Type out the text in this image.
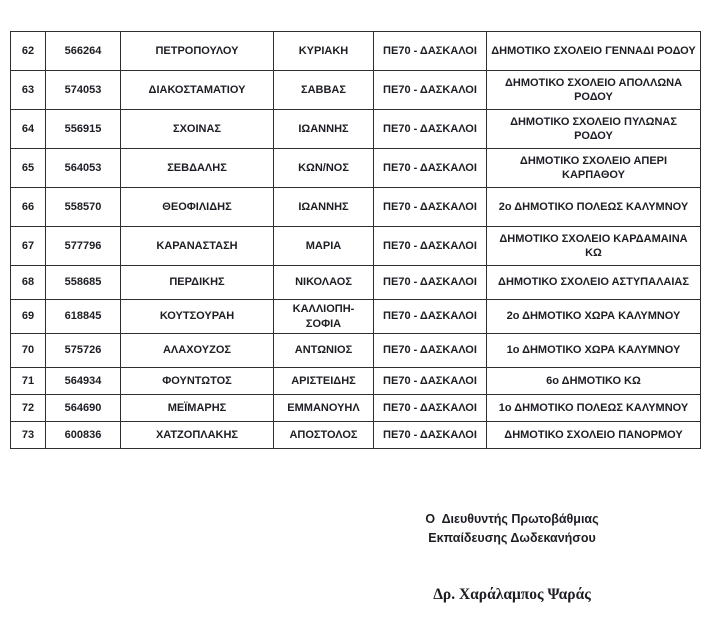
62	566264	ΠΕΤΡΟΠΟΥΛΟΥ	ΚΥΡΙΑΚΗ	ΠΕ70 - ΔΑΣΚΑΛΟΙ	ΔΗΜΟΤΙΚΟ ΣΧΟΛΕΙΟ ΓΕΝΝΑΔΙ ΡΟΔΟΥ
63	574053	ΔΙΑΚΟΣΤΑΜΑΤΙΟΥ	ΣΑΒΒΑΣ	ΠΕ70 - ΔΑΣΚΑΛΟΙ	ΔΗΜΟΤΙΚΟ ΣΧΟΛΕΙΟ ΑΠΟΛΛΩΝΑ ΡΟΔΟΥ
64	556915	ΣΧΟΙΝΑΣ	ΙΩΑΝΝΗΣ	ΠΕ70 - ΔΑΣΚΑΛΟΙ	ΔΗΜΟΤΙΚΟ ΣΧΟΛΕΙΟ ΠΥΛΩΝΑΣ ΡΟΔΟΥ
65	564053	ΣΕΒΔΑΛΗΣ	ΚΩΝ/ΝΟΣ	ΠΕ70 - ΔΑΣΚΑΛΟΙ	ΔΗΜΟΤΙΚΟ ΣΧΟΛΕΙΟ ΑΠΕΡΙ ΚΑΡΠΑΘΟΥ
66	558570	ΘΕΟΦΙΛΙΔΗΣ	ΙΩΑΝΝΗΣ	ΠΕ70 - ΔΑΣΚΑΛΟΙ	2ο ΔΗΜΟΤΙΚΟ ΠΟΛΕΩΣ ΚΑΛΥΜΝΟΥ
67	577796	ΚΑΡΑΝΑΣΤΑΣΗ	ΜΑΡΙΑ	ΠΕ70 - ΔΑΣΚΑΛΟΙ	ΔΗΜΟΤΙΚΟ ΣΧΟΛΕΙΟ ΚΑΡΔΑΜΑΙΝΑ ΚΩ
68	558685	ΠΕΡΔΙΚΗΣ	ΝΙΚΟΛΑΟΣ	ΠΕ70 - ΔΑΣΚΑΛΟΙ	ΔΗΜΟΤΙΚΟ ΣΧΟΛΕΙΟ ΑΣΤΥΠΑΛΑΙΑΣ
69	618845	ΚΟΥΤΣΟΥΡΑΗ	ΚΑΛΛΙΟΠΗ-ΣΟΦΙΑ	ΠΕ70 - ΔΑΣΚΑΛΟΙ	2ο ΔΗΜΟΤΙΚΟ ΧΩΡΑ ΚΑΛΥΜΝΟΥ
70	575726	ΑΛΑΧΟΥΖΟΣ	ΑΝΤΩΝΙΟΣ	ΠΕ70 - ΔΑΣΚΑΛΟΙ	1ο ΔΗΜΟΤΙΚΟ ΧΩΡΑ ΚΑΛΥΜΝΟΥ
71	564934	ΦΟΥΝΤΩΤΟΣ	ΑΡΙΣΤΕΙΔΗΣ	ΠΕ70 - ΔΑΣΚΑΛΟΙ	6ο ΔΗΜΟΤΙΚΟ ΚΩ
72	564690	ΜΕΪΜΑΡΗΣ	ΕΜΜΑΝΟΥΗΛ	ΠΕ70 - ΔΑΣΚΑΛΟΙ	1ο ΔΗΜΟΤΙΚΟ ΠΟΛΕΩΣ ΚΑΛΥΜΝΟΥ
73	600836	ΧΑΤΖΟΠΛΑΚΗΣ	ΑΠΟΣΤΟΛΟΣ	ΠΕ70 - ΔΑΣΚΑΛΟΙ	ΔΗΜΟΤΙΚΟ ΣΧΟΛΕΙΟ ΠΑΝΟΡΜΟΥ
Ο  Διευθυντής Πρωτοβάθμιας
Εκπαίδευσης Δωδεκανήσου
Δρ. Χαράλαμπος Ψαράς
